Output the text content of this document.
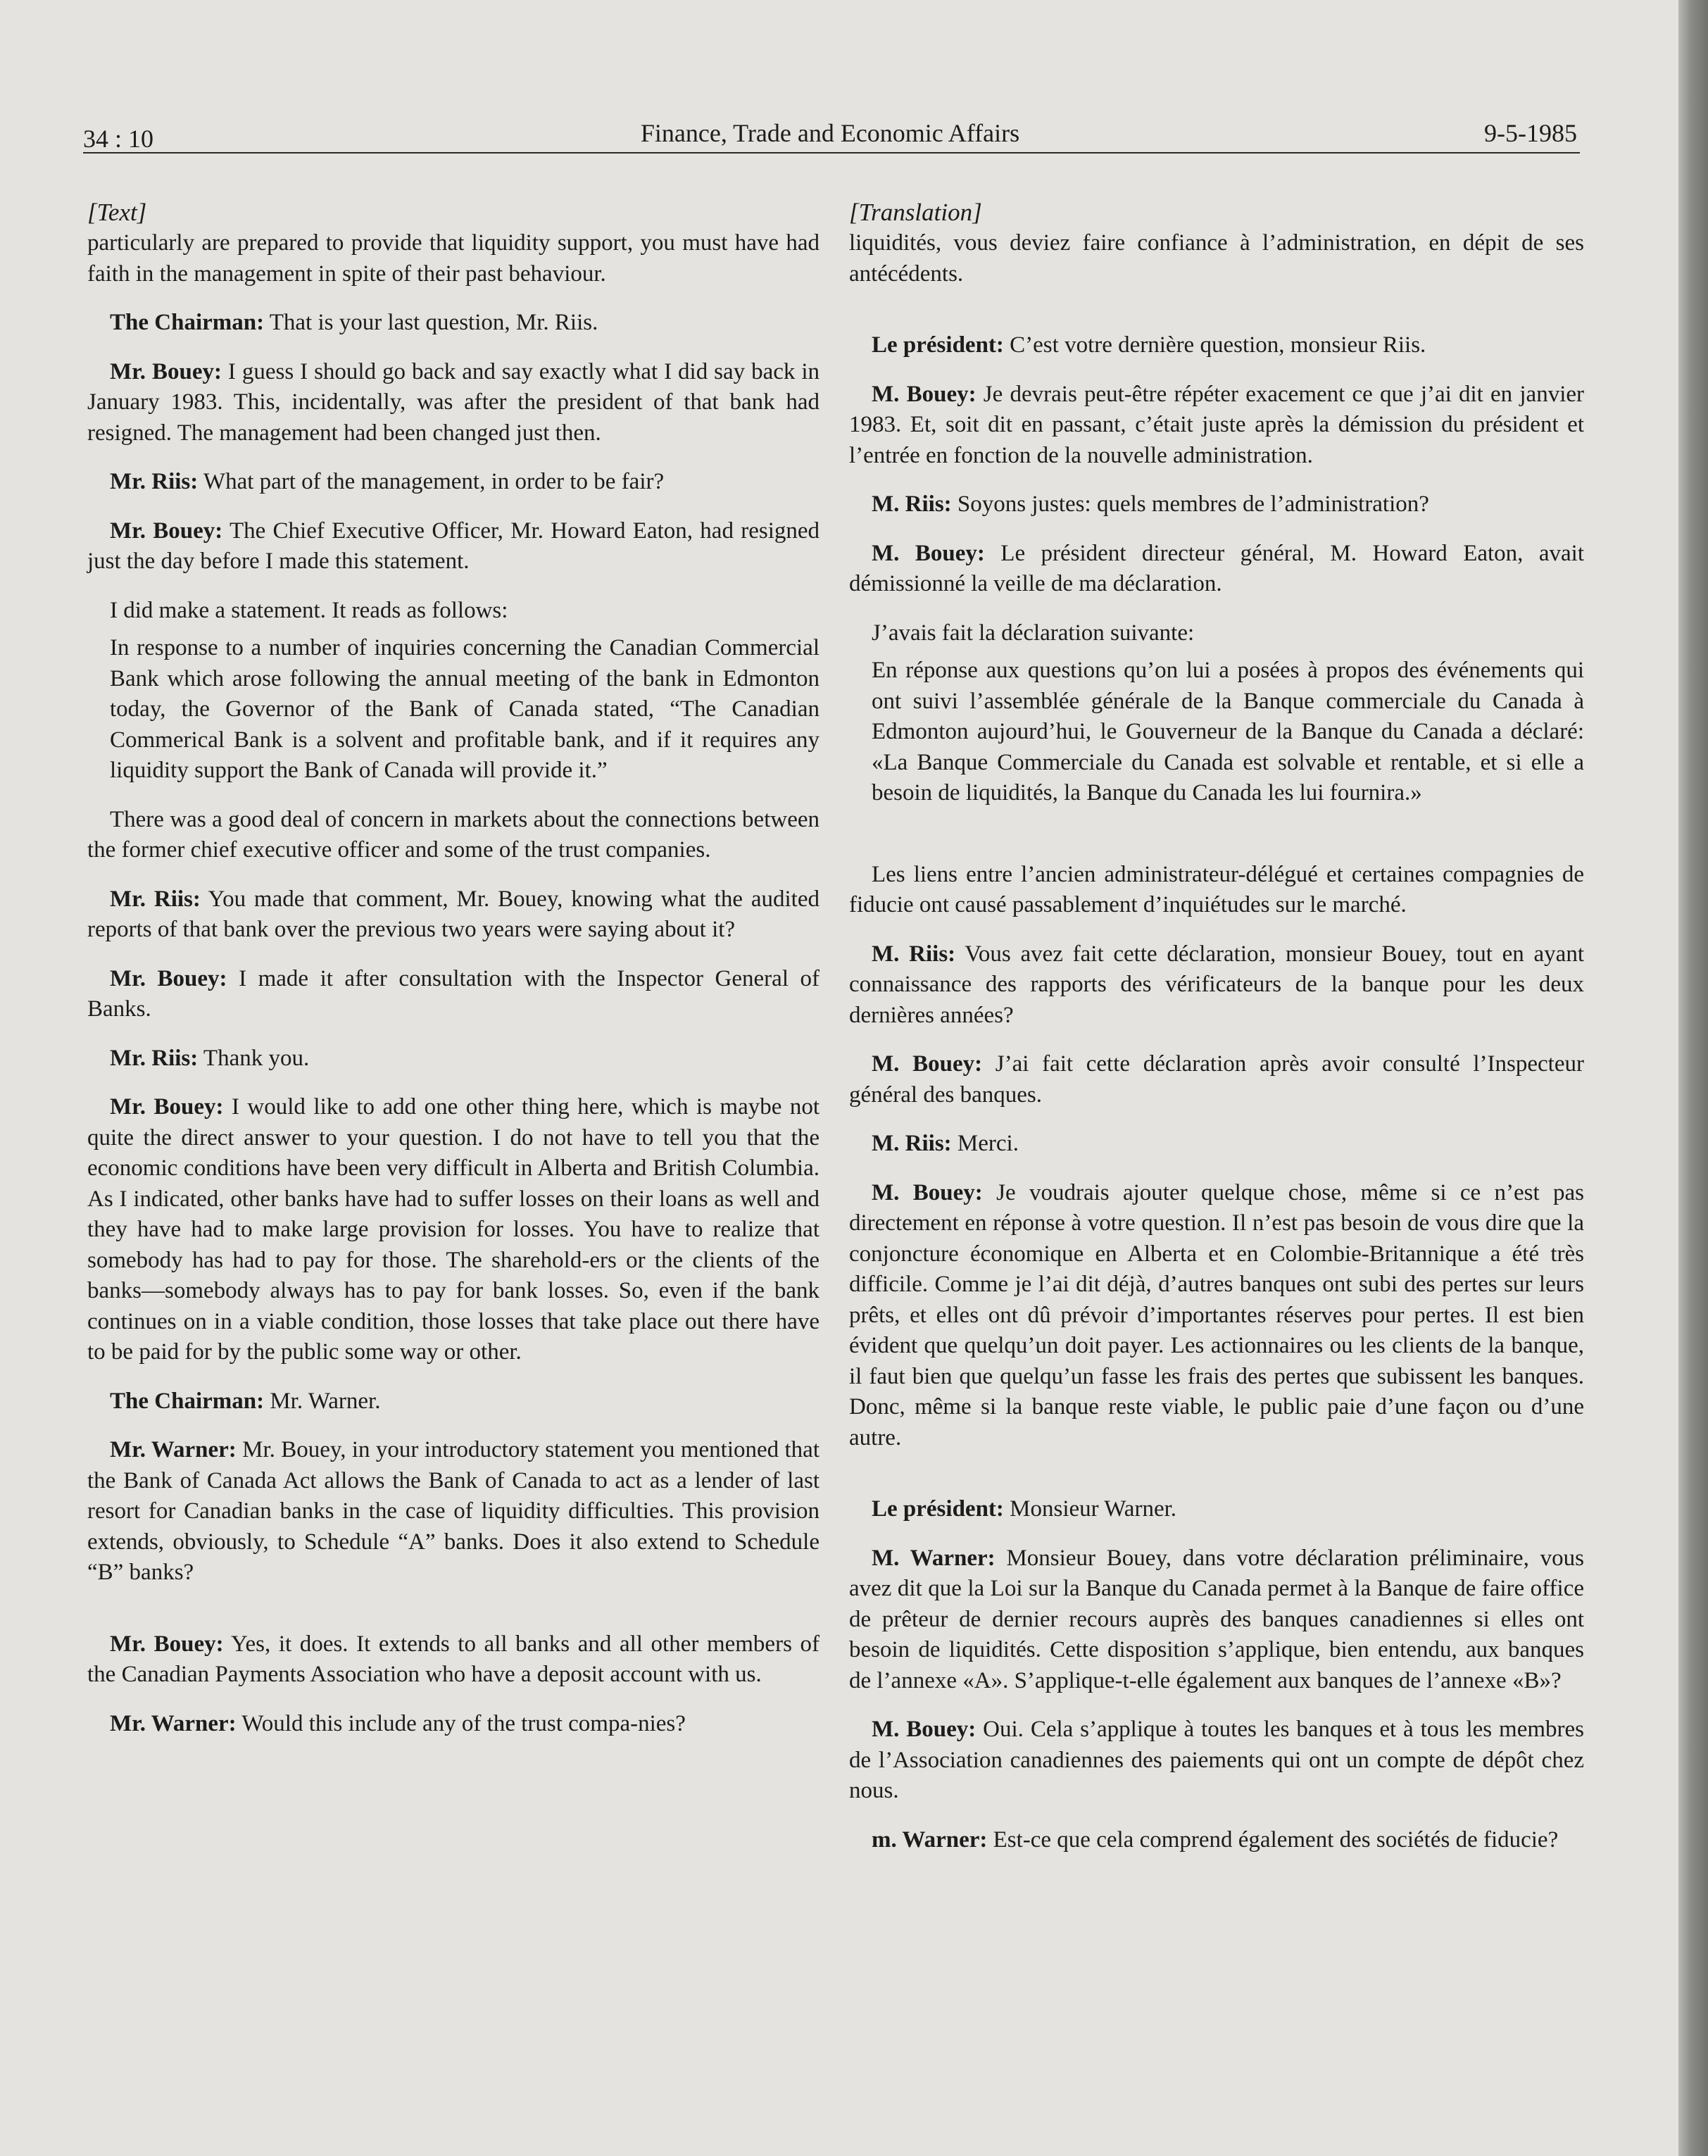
34 : 10	Finance, Trade and Economic Affairs	9-5-1985

[Text]

particularly are prepared to provide that liquidity support, you must have had faith in the management in spite of their past behaviour.

The Chairman: That is your last question, Mr. Riis.

Mr. Bouey: I guess I should go back and say exactly what I did say back in January 1983. This, incidentally, was after the president of that bank had resigned. The management had been changed just then.

Mr. Riis: What part of the management, in order to be fair?

Mr. Bouey: The Chief Executive Officer, Mr. Howard Eaton, had resigned just the day before I made this statement.

I did make a statement. It reads as follows:

In response to a number of inquiries concerning the Canadian Commercial Bank which arose following the annual meeting of the bank in Edmonton today, the Governor of the Bank of Canada stated, “The Canadian Commerical Bank is a solvent and profitable bank, and if it requires any liquidity support the Bank of Canada will provide it.”

There was a good deal of concern in markets about the connections between the former chief executive officer and some of the trust companies.

Mr. Riis: You made that comment, Mr. Bouey, knowing what the audited reports of that bank over the previous two years were saying about it?

Mr. Bouey: I made it after consultation with the Inspector General of Banks.

Mr. Riis: Thank you.

Mr. Bouey: I would like to add one other thing here, which is maybe not quite the direct answer to your question. I do not have to tell you that the economic conditions have been very difficult in Alberta and British Columbia. As I indicated, other banks have had to suffer losses on their loans as well and they have had to make large provision for losses. You have to realize that somebody has had to pay for those. The sharehold-ers or the clients of the banks—somebody always has to pay for bank losses. So, even if the bank continues on in a viable condition, those losses that take place out there have to be paid for by the public some way or other.

The Chairman: Mr. Warner.

Mr. Warner: Mr. Bouey, in your introductory statement you mentioned that the Bank of Canada Act allows the Bank of Canada to act as a lender of last resort for Canadian banks in the case of liquidity difficulties. This provision extends, obviously, to Schedule “A” banks. Does it also extend to Schedule “B” banks?

Mr. Bouey: Yes, it does. It extends to all banks and all other members of the Canadian Payments Association who have a deposit account with us.

Mr. Warner: Would this include any of the trust compa-nies?

[Translation]

liquidités, vous deviez faire confiance à l’administration, en dépit de ses antécédents.

Le président: C’est votre dernière question, monsieur Riis.

M. Bouey: Je devrais peut-être répéter exacement ce que j’ai dit en janvier 1983. Et, soit dit en passant, c’était juste après la démission du président et l’entrée en fonction de la nouvelle administration.

M. Riis: Soyons justes: quels membres de l’administration?

M. Bouey: Le président directeur général, M. Howard Eaton, avait démissionné la veille de ma déclaration.

J’avais fait la déclaration suivante:

En réponse aux questions qu’on lui a posées à propos des événements qui ont suivi l’assemblée générale de la Banque commerciale du Canada à Edmonton aujourd’hui, le Gouverneur de la Banque du Canada a déclaré: «La Banque Commerciale du Canada est solvable et rentable, et si elle a besoin de liquidités, la Banque du Canada les lui fournira.»

Les liens entre l’ancien administrateur-délégué et certaines compagnies de fiducie ont causé passablement d’inquiétudes sur le marché.

M. Riis: Vous avez fait cette déclaration, monsieur Bouey, tout en ayant connaissance des rapports des vérificateurs de la banque pour les deux dernières années?

M. Bouey: J’ai fait cette déclaration après avoir consulté l’Inspecteur général des banques.

M. Riis: Merci.

M. Bouey: Je voudrais ajouter quelque chose, même si ce n’est pas directement en réponse à votre question. Il n’est pas besoin de vous dire que la conjoncture économique en Alberta et en Colombie-Britannique a été très difficile. Comme je l’ai dit déjà, d’autres banques ont subi des pertes sur leurs prêts, et elles ont dû prévoir d’importantes réserves pour pertes. Il est bien évident que quelqu’un doit payer. Les actionnaires ou les clients de la banque, il faut bien que quelqu’un fasse les frais des pertes que subissent les banques. Donc, même si la banque reste viable, le public paie d’une façon ou d’une autre.

Le président: Monsieur Warner.

M. Warner: Monsieur Bouey, dans votre déclaration préliminaire, vous avez dit que la Loi sur la Banque du Canada permet à la Banque de faire office de prêteur de dernier recours auprès des banques canadiennes si elles ont besoin de liquidités. Cette disposition s’applique, bien entendu, aux banques de l’annexe «A». S’applique-t-elle également aux banques de l’annexe «B»?

M. Bouey: Oui. Cela s’applique à toutes les banques et à tous les membres de l’Association canadiennes des paiements qui ont un compte de dépôt chez nous.

m. Warner: Est-ce que cela comprend également des sociétés de fiducie?
